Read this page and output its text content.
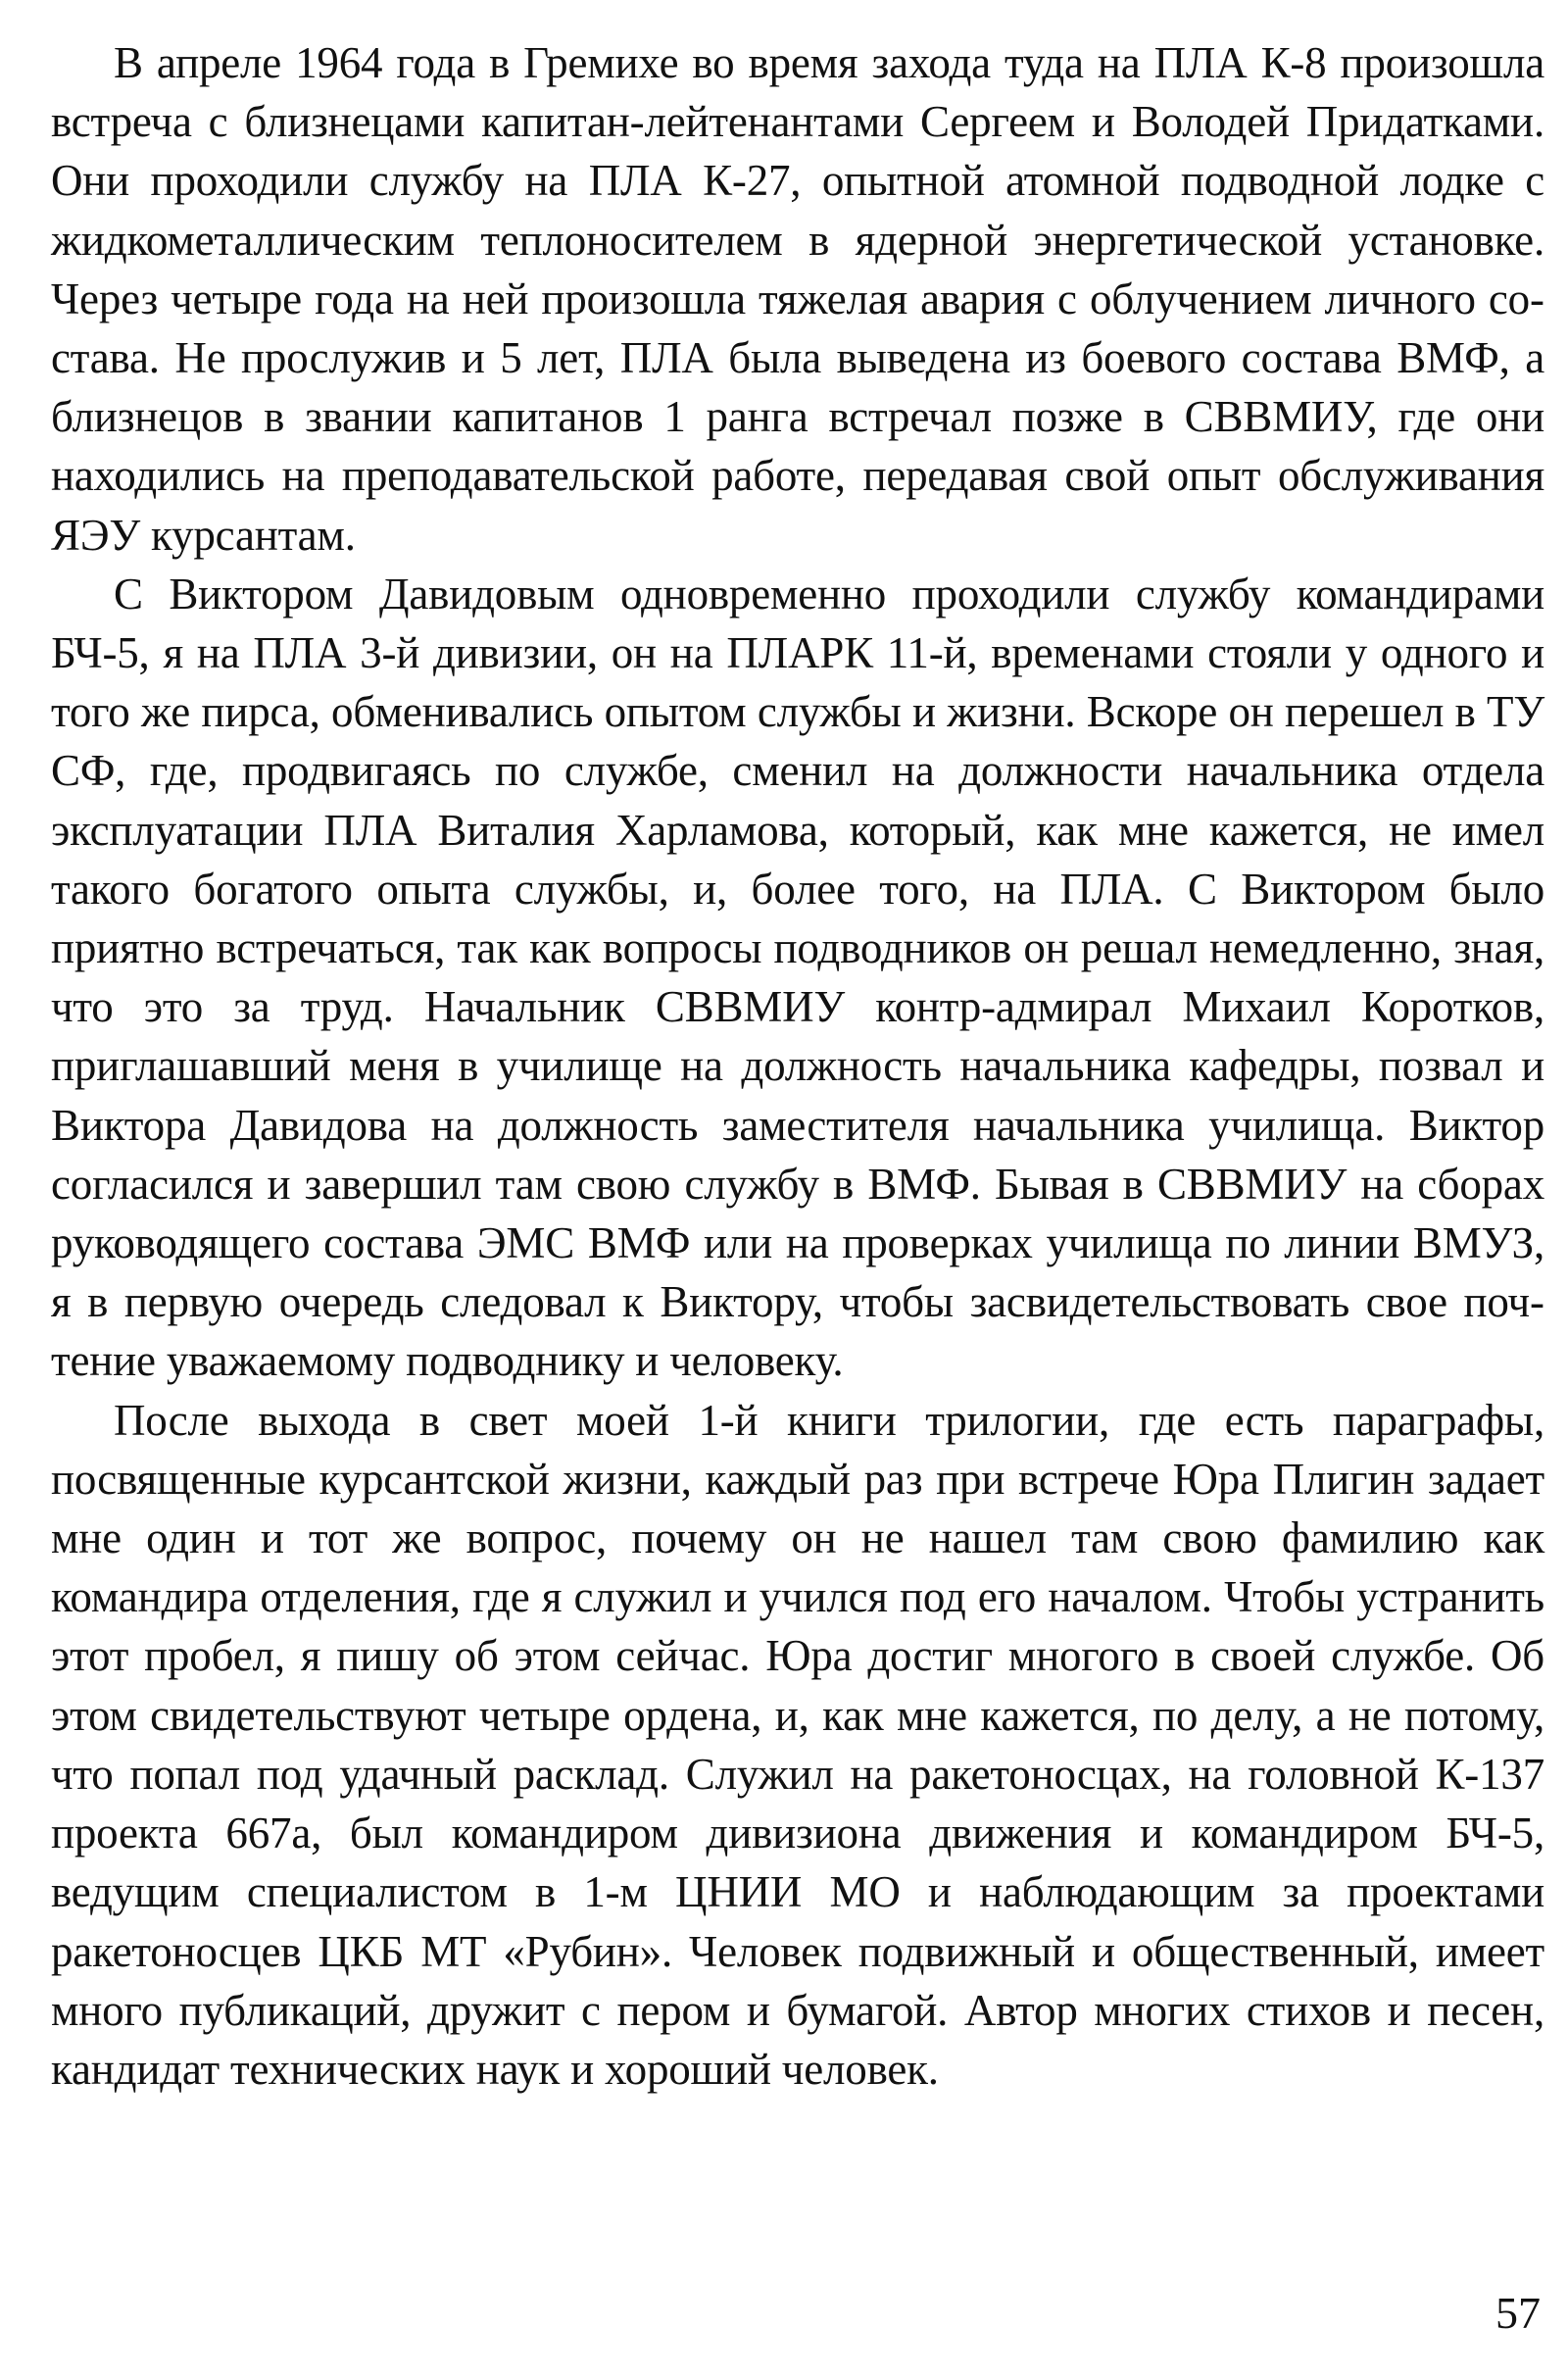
В апреле 1964 года в Гремихе во время захода туда на ПЛА К-8 произошла встреча с близнецами капитан-лейтенантами Сергеем и Володей Придатками. Они проходили службу на ПЛА К-27, опытной атомной подводной лодке с жидкометаллическим теплоносителем в ядерной энергетической установке. Через четыре года на ней произошла тяжелая авария с облучением личного состава. Не прослужив и 5 лет, ПЛА была выведена из боевого состава ВМФ, а близнецов в звании капитанов 1 ранга встречал позже в СВВМИУ, где они находились на преподавательской работе, передавая свой опыт обслуживания ЯЭУ курсантам.

С Виктором Давидовым одновременно проходили службу командирами БЧ-5, я на ПЛА 3-й дивизии, он на ПЛАРК 11-й, временами стояли у одного и того же пирса, обменивались опытом службы и жизни. Вскоре он перешел в ТУ СФ, где, продвигаясь по службе, сменил на должности начальника отдела эксплуатации ПЛА Виталия Харламова, который, как мне кажется, не имел такого богатого опыта службы, и, более того, на ПЛА. С Виктором было приятно встречаться, так как вопросы подводников он решал немедленно, зная, что это за труд. Начальник СВВМИУ контр-адмирал Михаил Коротков, приглашавший меня в училище на должность начальника кафедры, позвал и Виктора Давидова на должность заместителя начальника училища. Виктор согласился и завершил там свою службу в ВМФ. Бывая в СВВМИУ на сборах руководящего состава ЭМС ВМФ или на проверках училища по линии ВМУЗ, я в первую очередь следовал к Виктору, чтобы засвидетельствовать свое почтение уважаемому подводнику и человеку.

После выхода в свет моей 1-й книги трилогии, где есть параграфы, посвященные курсантской жизни, каждый раз при встрече Юра Плигин задает мне один и тот же вопрос, почему он не нашел там свою фамилию как командира отделения, где я служил и учился под его началом. Чтобы устранить этот пробел, я пишу об этом сейчас. Юра достиг многого в своей службе. Об этом свидетельствуют четыре ордена, и, как мне кажется, по делу, а не потому, что попал под удачный расклад. Служил на ракетоносцах, на головной К-137 проекта 667а, был командиром дивизиона движения и командиром БЧ-5, ведущим специалистом в 1-м ЦНИИ МО и наблюдающим за проектами ракетоносцев ЦКБ МТ «Рубин». Человек подвижный и общественный, имеет много публикаций, дружит с пером и бумагой. Автор многих стихов и песен, кандидат технических наук и хороший человек.

57
